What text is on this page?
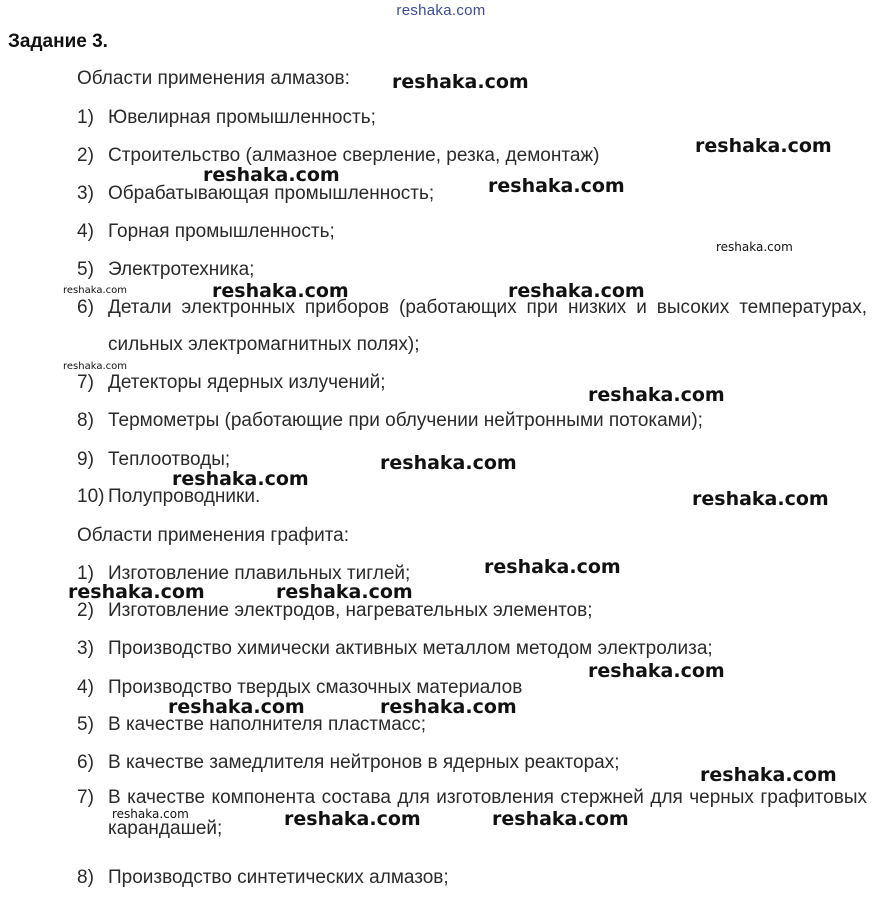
reshaka.com
Задание 3.
Области применения алмазов:
1) Ювелирная промышленность;
2) Строительство (алмазное сверление, резка, демонтаж)
3) Обрабатывающая промышленность;
4) Горная промышленность;
5) Электротехника;
6) Детали электронных приборов (работающих при низких и высоких температурах, сильных электромагнитных полях);
7) Детекторы ядерных излучений;
8) Термометры (работающие при облучении нейтронными потоками);
9) Теплоотводы;
10) Полупроводники.
Области применения графита:
1) Изготовление плавильных тиглей;
2) Изготовление электродов, нагревательных элементов;
3) Производство химически активных металлом методом электролиза;
4) Производство твердых смазочных материалов
5) В качестве наполнителя пластмасс;
6) В качестве замедлителя нейтронов в ядерных реакторах;
7) В качестве компонента состава для изготовления стержней для черных графитовых карандашей;
8) Производство синтетических алмазов;
reshaka.com
reshaka.com
reshaka.com	reshaka.com
reshaka.com
reshaka.com	reshaka.com	reshaka.com
reshaka.com
reshaka.com
reshaka.com
reshaka.com
reshaka.com
reshaka.com
reshaka.com	reshaka.com
reshaka.com
reshaka.com	reshaka.com
reshaka.com
reshaka.com	reshaka.com	reshaka.com
